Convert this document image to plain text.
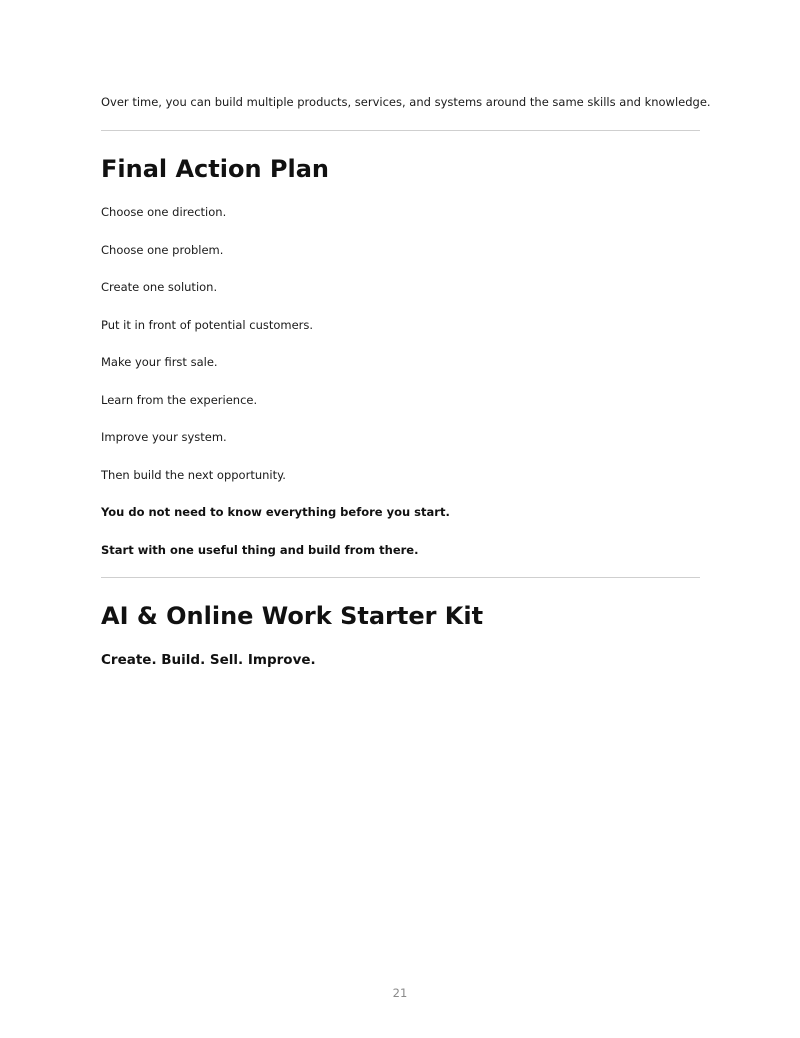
Over time, you can build multiple products, services, and systems around the same skills and knowledge.

Final Action Plan
Choose one direction.
Choose one problem.
Create one solution.
Put it in front of potential customers.
Make your first sale.
Learn from the experience.
Improve your system.
Then build the next opportunity.
You do not need to know everything before you start.
Start with one useful thing and build from there.
AI & Online Work Starter Kit

Create. Build. Sell. Improve.

21
